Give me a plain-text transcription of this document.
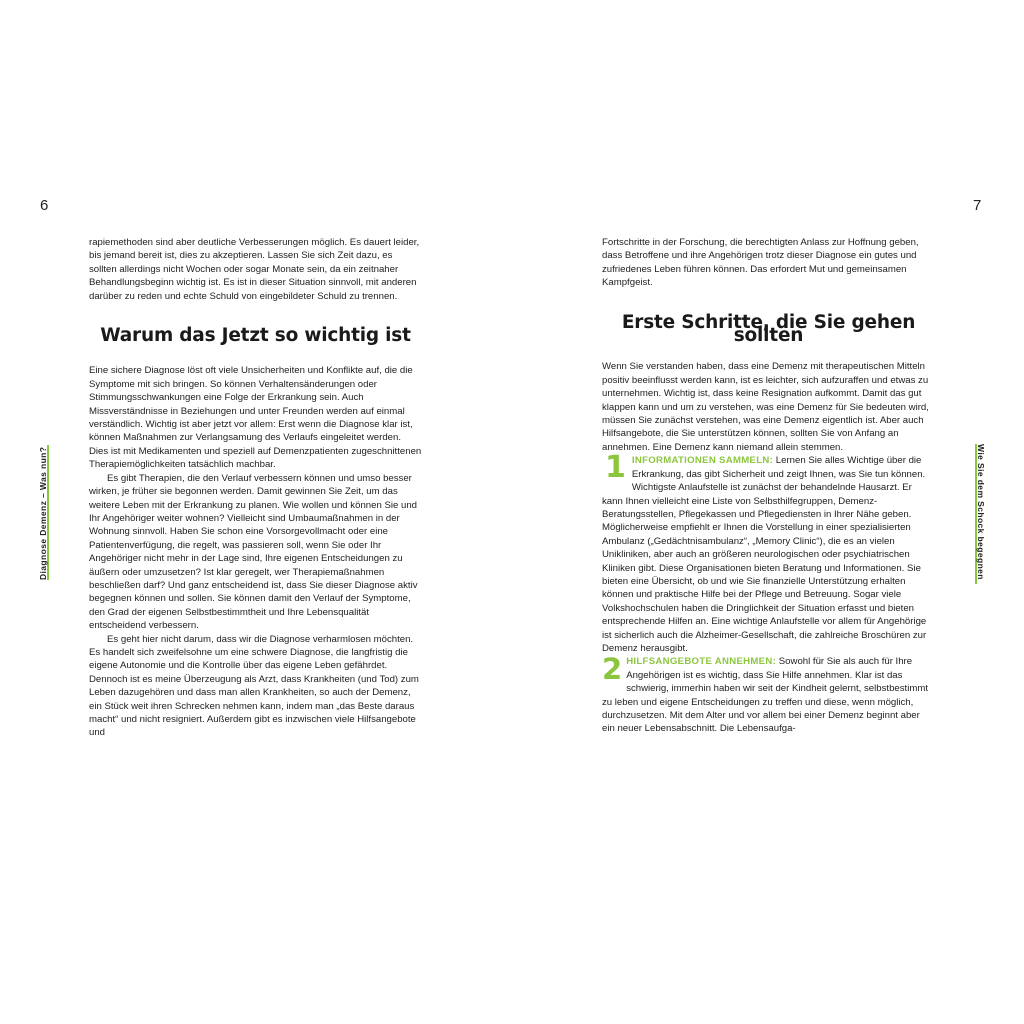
6	7
Diagnose Demenz – Was nun?	Wie Sie dem Schock begegnen

rapiemethoden sind aber deutliche Verbesserungen möglich. Es dauert leider, bis jemand bereit ist, dies zu akzeptieren. Lassen Sie sich Zeit dazu, es sollten allerdings nicht Wochen oder sogar Monate sein, da ein zeitnaher Behandlungsbeginn wichtig ist. Es ist in dieser Situation sinnvoll, mit anderen darüber zu reden und echte Schuld von eingebildeter Schuld zu trennen.

Warum das Jetzt so wichtig ist

Eine sichere Diagnose löst oft viele Unsicherheiten und Konflikte auf, die die Symptome mit sich bringen. So können Verhaltensänderungen oder Stimmungsschwankungen eine Folge der Erkrankung sein. Auch Missverständnisse in Beziehungen und unter Freunden werden auf einmal verständlich. Wichtig ist aber jetzt vor allem: Erst wenn die Diagnose klar ist, können Maßnahmen zur Verlangsamung des Verlaufs eingeleitet werden. Dies ist mit Medikamenten und speziell auf Demenzpatienten zugeschnittenen Therapiemöglichkeiten tatsächlich machbar.

Es gibt Therapien, die den Verlauf verbessern können und umso besser wirken, je früher sie begonnen werden. Damit gewinnen Sie Zeit, um das weitere Leben mit der Erkrankung zu planen. Wie wollen und können Sie und Ihr Angehöriger weiter wohnen? Vielleicht sind Umbaumaßnahmen in der Wohnung sinnvoll. Haben Sie schon eine Vorsorgevollmacht oder eine Patientenverfügung, die regelt, was passieren soll, wenn Sie oder Ihr Angehöriger nicht mehr in der Lage sind, Ihre eigenen Entscheidungen zu äußern oder umzusetzen? Ist klar geregelt, wer Therapiemaßnahmen beschließen darf? Und ganz entscheidend ist, dass Sie dieser Diagnose aktiv begegnen können und sollen. Sie können damit den Verlauf der Symptome, den Grad der eigenen Selbstbestimmtheit und Ihre Lebensqualität entscheidend verbessern.

Es geht hier nicht darum, dass wir die Diagnose verharmlosen möchten. Es handelt sich zweifelsohne um eine schwere Diagnose, die langfristig die eigene Autonomie und die Kontrolle über das eigene Leben gefährdet. Dennoch ist es meine Überzeugung als Arzt, dass Krankheiten (und Tod) zum Leben dazugehören und dass man allen Krankheiten, so auch der Demenz, ein Stück weit ihren Schrecken nehmen kann, indem man „das Beste daraus macht“ und nicht resigniert. Außerdem gibt es inzwischen viele Hilfsangebote und

Fortschritte in der Forschung, die berechtigten Anlass zur Hoffnung geben, dass Betroffene und ihre Angehörigen trotz dieser Diagnose ein gutes und zufriedenes Leben führen können. Das erfordert Mut und gemeinsamen Kampfgeist.

Erste Schritte, die Sie gehen sollten

Wenn Sie verstanden haben, dass eine Demenz mit therapeutischen Mitteln positiv beeinflusst werden kann, ist es leichter, sich aufzuraffen und etwas zu unternehmen. Wichtig ist, dass keine Resignation aufkommt. Damit das gut klappen kann und um zu verstehen, was eine Demenz für Sie bedeuten wird, müssen Sie zunächst verstehen, was eine Demenz eigentlich ist. Aber auch Hilfsangebote, die Sie unterstützen können, sollten Sie von Anfang an annehmen. Eine Demenz kann niemand allein stemmen.

1 INFORMATIONEN SAMMELN: Lernen Sie alles Wichtige über die Erkrankung, das gibt Sicherheit und zeigt Ihnen, was Sie tun können. Wichtigste Anlaufstelle ist zunächst der behandelnde Hausarzt. Er kann Ihnen vielleicht eine Liste von Selbsthilfegruppen, Demenz-Beratungsstellen, Pflegekassen und Pflegediensten in Ihrer Nähe geben. Möglicherweise empfiehlt er Ihnen die Vorstellung in einer spezialisierten Ambulanz („Gedächtnisambulanz“, „Memory Clinic“), die es an vielen Unikliniken, aber auch an größeren neurologischen oder psychiatrischen Kliniken gibt. Diese Organisationen bieten Beratung und Informationen. Sie bieten eine Übersicht, ob und wie Sie finanzielle Unterstützung erhalten können und praktische Hilfe bei der Pflege und Betreuung. Sogar viele Volkshochschulen haben die Dringlichkeit der Situation erfasst und bieten entsprechende Hilfen an. Eine wichtige Anlaufstelle vor allem für Angehörige ist sicherlich auch die Alzheimer-Gesellschaft, die zahlreiche Broschüren zur Demenz herausgibt.

2 HILFSANGEBOTE ANNEHMEN: Sowohl für Sie als auch für Ihre Angehörigen ist es wichtig, dass Sie Hilfe annehmen. Klar ist das schwierig, immerhin haben wir seit der Kindheit gelernt, selbstbestimmt zu leben und eigene Entscheidungen zu treffen und diese, wenn möglich, durchzusetzen. Mit dem Alter und vor allem bei einer Demenz beginnt aber ein neuer Lebensabschnitt. Die Lebensaufga-
